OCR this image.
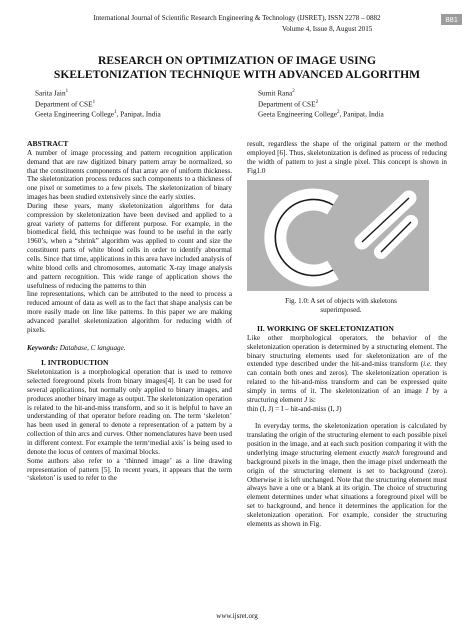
International Journal of Scientific Research Engineering & Technology (IJSRET), ISSN 2278 – 0882
Volume 4, Issue 8, August 2015
881
RESEARCH ON OPTIMIZATION OF IMAGE USING
SKELETONIZATION TECHNIQUE WITH ADVANCED ALGORITHM
Sarita Jain$^1$
Department of CSE$^1$
Geeta Engineering College$^1$, Panipat, India
Sumit Rana$^2$
Department of CSE$^2$
Geeta Engineering College$^2$, Panipat, India

ABSTRACT

A number of image processing and pattern recognition application demand that are raw digitized binary pattern array be normalized, so that the constituents components of that array are of uniform thickness. The skeletonization process reduces such components to a thickness of one pixel or sometimes to a few pixels. The skeletonization of binary images has been studied extensively since the early sixties.

During these years, many skeletonization algorithms for data compression by skeletonization have been devised and applied to a great variety of patterns for different purpose. For example, in the biomedical field, this technique was found to be useful in the early 1960’s, when a “shrink” algorithm was applied to count and size the constituent parts of white blood cells in order to identify abnormal cells. Since that time, applications in this area have included analysis of white blood cells and chromosomes, automatic X-ray image analysis and pattern recognition. This wide range of application shows the usefulness of reducing the patterns to thin

line representations, which can be attributed to the need to process a reduced amount of data as well as to the fact that shape analysis can be more easily made on line like patterns. In this paper we are making advanced parallel skeletonization algorithm for reducing width of pixels.

Keywords: Database, C language.

I. INTRODUCTION

Skeletonization is a morphological operation that is used to remove selected foreground pixels from binary images[4]. It can be used for several applications, but normally only applied to binary images, and produces another binary image as output. The skeletonization operation is related to the hit-and-miss transform, and so it is helpful to have an understanding of that operator before reading on. The term ‘skeleton’ has been used in general to denote a representation of a pattern by a collection of thin arcs and curves. Other nomenclatures have been used in different context. For example the term‘medial axis’ is being used to denote the locus of centers of maximal blocks.

Some authors also refer to a ‘thinned image’ as a line drawing representation of pattern [5]. In recent years, it appears that the term ‘skeleton’ is used to refer to the

result, regardless the shape of the original pattern or the method employed [6]. Thus, skeletonization is defined as process of reducing the width of pattern to just a single pixel. This concept is shown in Fig1.0

Fig. 1.0: A set of objects with skeletons
superimposed.

II. WORKING OF SKELETONIZATION

Like other morphological operators, the behavior of the skeletonization operation is determined by a structuring element. The binary structuring elements used for skeletonization are of the extended type described under the hit-and-miss transform (i.e. they can contain both ones and zeros). The skeletonization operation is related to the hit-and-miss transform and can be expressed quite simply in terms of it. The skeletonization of an image I by a structuring element J is:

thin (I, J) = I – hit-and-miss (I, J)

In everyday terms, the skeletonization operation is calculated by translating the origin of the structuring element to each possible pixel position in the image, and at each such position comparing it with the underlying image structuring element exactly match foreground and background pixels in the image, then the image pixel underneath the origin of the structuring element is set to background (zero). Otherwise it is left unchanged. Note that the structuring element must always have a one or a blank at its origin. The choice of structuring element determines under what situations a foreground pixel will be set to background, and hence it determines the application for the skeletonization operation. For example, consider the structuring elements as shown in Fig.

www.ijsret.org
